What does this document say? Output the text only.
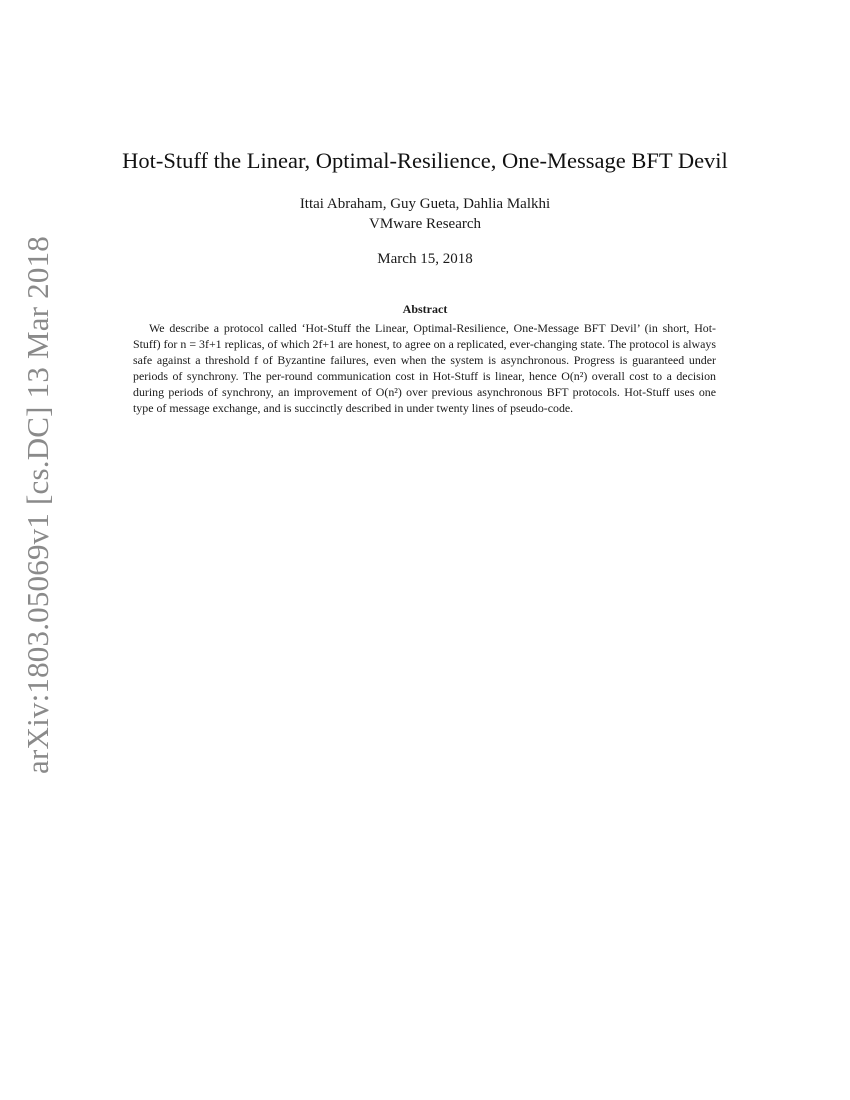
arXiv:1803.05069v1 [cs.DC] 13 Mar 2018
Hot-Stuff the Linear, Optimal-Resilience, One-Message BFT Devil
Ittai Abraham, Guy Gueta, Dahlia Malkhi
VMware Research
March 15, 2018
Abstract
We describe a protocol called ‘Hot-Stuff the Linear, Optimal-Resilience, One-Message BFT Devil’ (in short, Hot-Stuff) for n = 3f+1 replicas, of which 2f+1 are honest, to agree on a replicated, ever-changing state. The protocol is always safe against a threshold f of Byzantine failures, even when the system is asynchronous. Progress is guaranteed under periods of synchrony. The per-round communication cost in Hot-Stuff is linear, hence O(n²) overall cost to a decision during periods of synchrony, an improvement of O(n²) over previous asynchronous BFT protocols. Hot-Stuff uses one type of message exchange, and is succinctly described in under twenty lines of pseudo-code.
